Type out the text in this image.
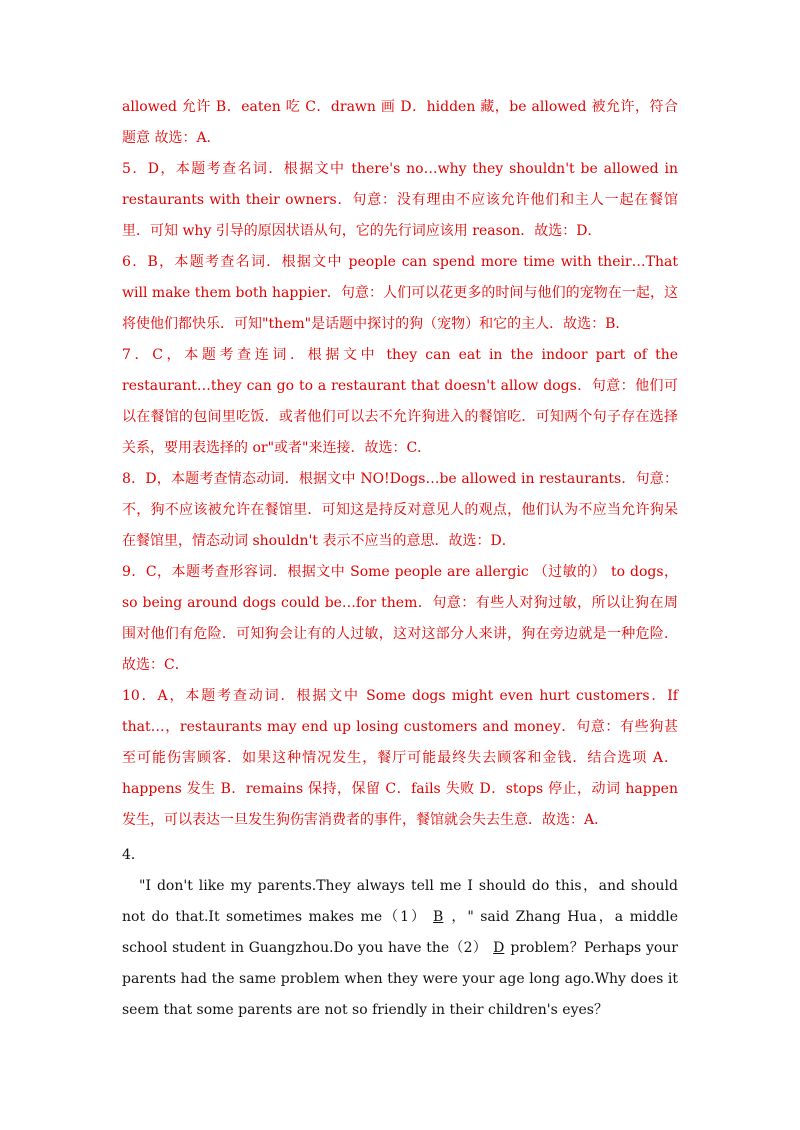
allowed 允许 B．eaten 吃 C．drawn 画 D．hidden 藏，be allowed 被允许，符合题意 故选：A．

5．D，本题考查名词．根据文中 there's no…why they shouldn't be allowed in restaurants with their owners．句意：没有理由不应该允许他们和主人一起在餐馆里．可知 why 引导的原因状语从句，它的先行词应该用 reason．故选：D．

6．B，本题考查名词．根据文中 people can spend more time with their…That will make them both happier．句意：人们可以花更多的时间与他们的宠物在一起，这将使他们都快乐．可知"them"是话题中探讨的狗（宠物）和它的主人．故选：B．

7．C，本题考查连词．根据文中 they can eat in the indoor part of the restaurant…they can go to a restaurant that doesn't allow dogs．句意：他们可以在餐馆的包间里吃饭．或者他们可以去不允许狗进入的餐馆吃．可知两个句子存在选择关系，要用表选择的 or"或者"来连接．故选：C．

8．D，本题考查情态动词．根据文中 NO!Dogs…be allowed in restaurants．句意：不，狗不应该被允许在餐馆里．可知这是持反对意见人的观点，他们认为不应当允许狗呆在餐馆里，情态动词 shouldn't 表示不应当的意思．故选：D．

9．C，本题考查形容词．根据文中 Some people are allergic （过敏的） to dogs，so being around dogs could be…for them．句意：有些人对狗过敏，所以让狗在周围对他们有危险．可知狗会让有的人过敏，这对这部分人来讲，狗在旁边就是一种危险．故选：C．

10．A，本题考查动词．根据文中 Some dogs might even hurt customers．If that…，restaurants may end up losing customers and money．句意：有些狗甚至可能伤害顾客．如果这种情况发生，餐厅可能最终失去顾客和金钱．结合选项 A．happens 发生 B．remains 保持，保留 C．fails 失败 D．stops 停止，动词 happen 发生，可以表达一旦发生狗伤害消费者的事件，餐馆就会失去生意．故选：A．

4．

"I don't like my parents.They always tell me I should do this，and should not do that.It sometimes makes me（1） B ，" said Zhang Hua，a middle school student in Guangzhou.Do you have the（2） D problem？Perhaps your parents had the same problem when they were your age long ago.Why does it seem that some parents are not so friendly in their children's eyes？
